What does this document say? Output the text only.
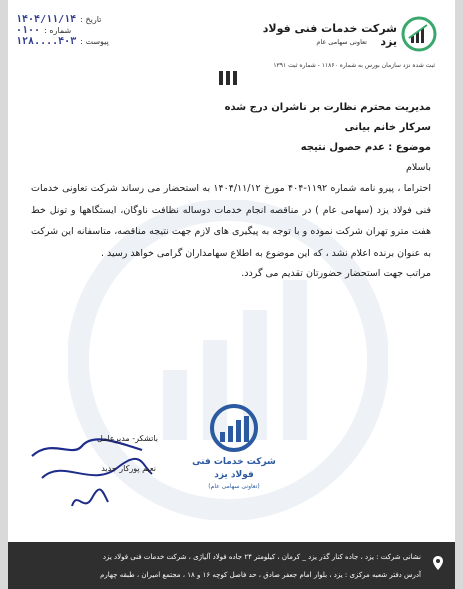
تاریخ :
۱۴۰۴/۱۱/۱۴
شماره :
۰۱۰۰
پیوست :
۴۰۳....۱۲۸
شرکت خدمات فنی فولاد یزد
تعاونی سهامی عام
ثبت شده نزد سازمان بورس به شماره ۱۱۸۶۰ - شماره ثبت ۱۳۹۱

مدیریت محترم نظارت بر ناشران درج شده

سرکار خانم بیانی

موضوع : عدم حصول نتیجه

باسلام

احتراما ، پیرو نامه شماره ۱۱۹۲-۴۰۴ مورخ ۱۴۰۴/۱۱/۱۲ به استحضار می رساند شرکت تعاونی خدمات فنی فولاد یزد (سهامی عام ) در مناقصه انجام خدمات دوساله نظافت ناوگان، ایستگاهها و تونل خط هفت مترو تهران شرکت نموده و با توجه به پیگیری های لازم جهت نتیجه مناقصه، متاسفانه این شرکت به عنوان برنده اعلام نشد ، که این موضوع به اطلاع سهامداران گرامی خواهد رسید .

مراتب جهت استحضار حضورتان تقدیم می گردد.

باتشکر- مدیرعامل
نعیم پورکار جدید
شرکت خدمات فنی
فولاد یزد
(تعاونی سهامی عام)
نشانی شرکت : یزد ، جاده کنار گذر یزد _ کرمان ، کیلومتر ۲۴ جاده فولاد آلیاژی ، شرکت خدمات فنی فولاد یزد
آدرس دفتر شعبه مرکزی : یزد ، بلوار امام جعفر صادق ، حد فاصل کوچه ۱۶ و ۱۸ ، مجتمع امیران ، طبقه چهارم
